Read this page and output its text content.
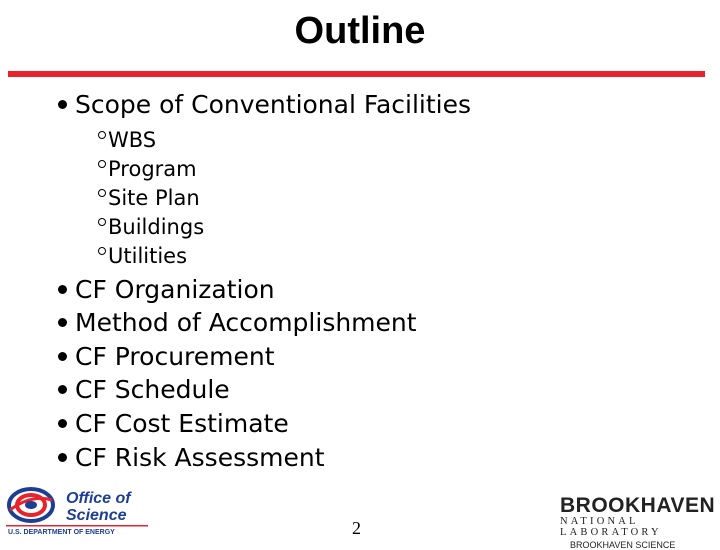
Outline
Scope of Conventional Facilities
WBS
Program
Site Plan
Buildings
Utilities
CF Organization
Method of Accomplishment
CF Procurement
CF Schedule
CF Cost Estimate
CF Risk Assessment
Office of
Science
U.S. DEPARTMENT OF ENERGY	2
BROOKHAVEN
NATIONAL LABORATORY
BROOKHAVEN SCIENCE
